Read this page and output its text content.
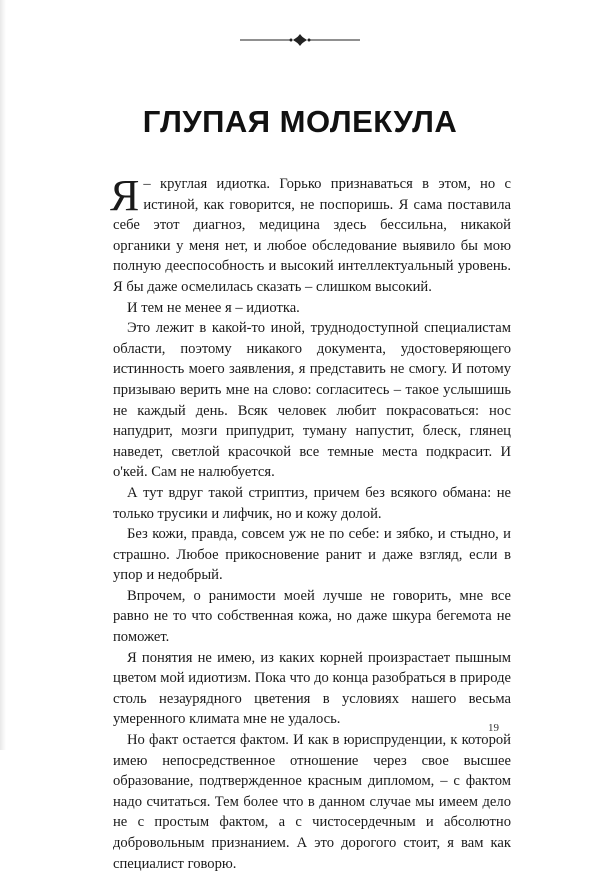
ГЛУПАЯ МОЛЕКУЛА

Я – круглая идиотка. Горько признаваться в этом, но с истиной, как говорится, не поспоришь. Я сама поставила себе этот диагноз, медицина здесь бессильна, никакой органики у меня нет, и любое обследование выявило бы мою полную дееспособность и высокий интеллектуальный уровень. Я бы даже осмелилась сказать – слишком высокий.

И тем не менее я – идиотка.

Это лежит в какой-то иной, труднодоступной специалистам области, поэтому никакого документа, удостоверяющего истинность моего заявления, я представить не смогу. И потому призываю верить мне на слово: согласитесь – такое услышишь не каждый день. Всяк человек любит покрасоваться: нос напудрит, мозги припудрит, туману напустит, блеск, глянец наведет, светлой красочкой все темные места подкрасит. И о'кей. Сам не налюбуется.

А тут вдруг такой стриптиз, причем без всякого обмана: не только трусики и лифчик, но и кожу долой.

Без кожи, правда, совсем уж не по себе: и зябко, и стыдно, и страшно. Любое прикосновение ранит и даже взгляд, если в упор и недобрый.

Впрочем, о ранимости моей лучше не говорить, мне все равно не то что собственная кожа, но даже шкура бегемота не поможет.

Я понятия не имею, из каких корней произрастает пышным цветом мой идиотизм. Пока что до конца разобраться в природе столь незаурядного цветения в условиях нашего весьма умеренного климата мне не удалось.

Но факт остается фактом. И как в юриспруденции, к которой имею непосредственное отношение через свое высшее образование, подтвержденное красным дипломом, – с фактом надо считаться. Тем более что в данном случае мы имеем дело не с простым фактом, а с чистосердечным и абсолютно добровольным признанием. А это дорогого стоит, я вам как специалист говорю.

19
